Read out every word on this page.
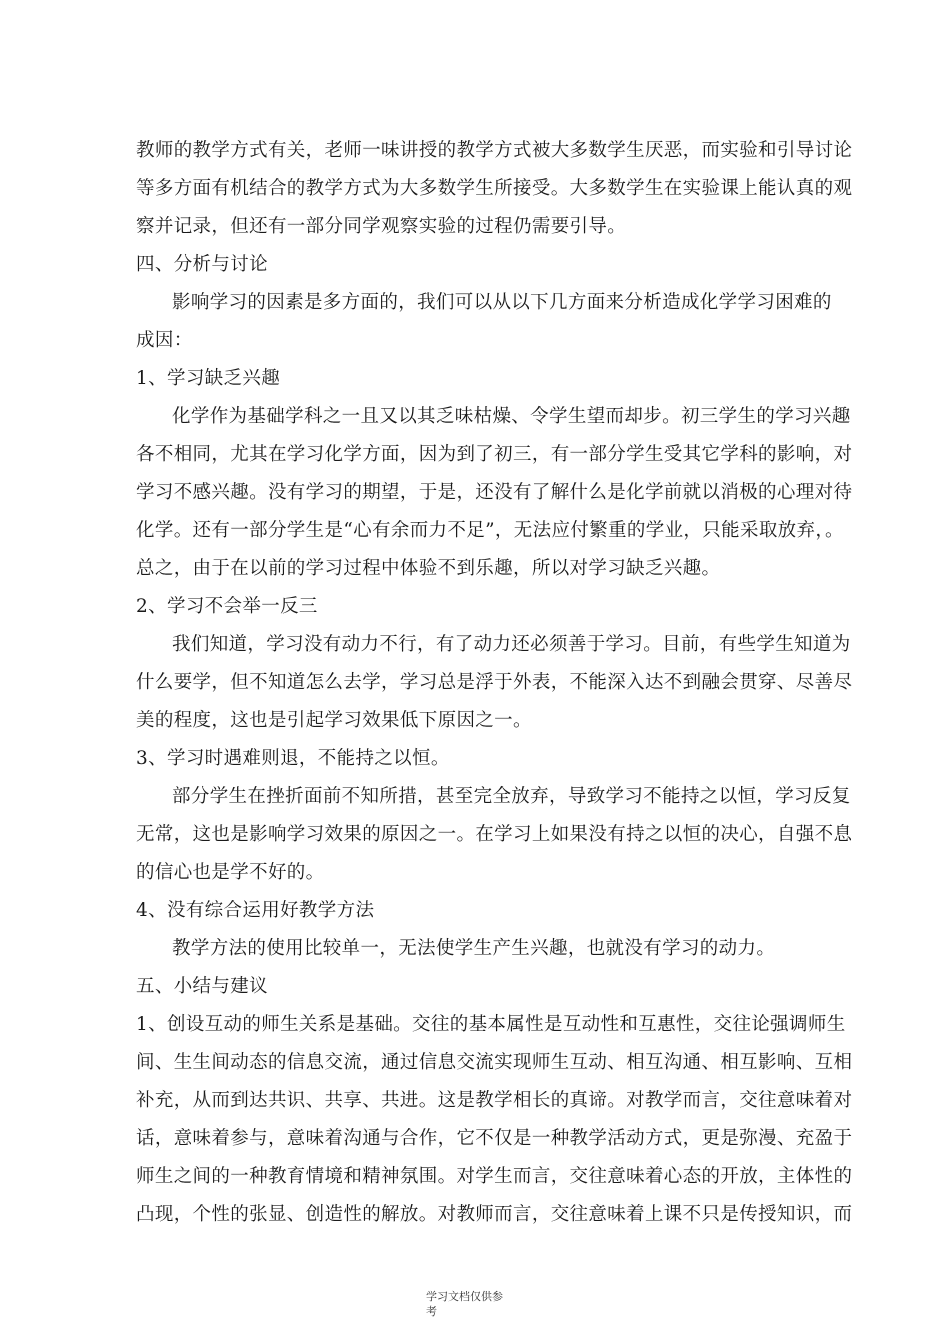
教师的教学方式有关，老师一味讲授的教学方式被大多数学生厌恶，而实验和引导讨论

等多方面有机结合的教学方式为大多数学生所接受。大多数学生在实验课上能认真的观

察并记录，但还有一部分同学观察实验的过程仍需要引导。

四、分析与讨论

影响学习的因素是多方面的，我们可以从以下几方面来分析造成化学学习困难的

成因：

1、学习缺乏兴趣

化学作为基础学科之一且又以其乏味枯燥、令学生望而却步。初三学生的学习兴趣

各不相同，尤其在学习化学方面，因为到了初三，有一部分学生受其它学科的影响，对

学习不感兴趣。没有学习的期望，于是，还没有了解什么是化学前就以消极的心理对待

化学。还有一部分学生是“心有余而力不足”，无法应付繁重的学业，只能采取放弃，。

总之，由于在以前的学习过程中体验不到乐趣，所以对学习缺乏兴趣。

2、学习不会举一反三

我们知道，学习没有动力不行，有了动力还必须善于学习。目前，有些学生知道为

什么要学，但不知道怎么去学，学习总是浮于外表，不能深入达不到融会贯穿、尽善尽

美的程度，这也是引起学习效果低下原因之一。

3、学习时遇难则退，不能持之以恒。

部分学生在挫折面前不知所措，甚至完全放弃，导致学习不能持之以恒，学习反复

无常，这也是影响学习效果的原因之一。在学习上如果没有持之以恒的决心，自强不息

的信心也是学不好的。

4、没有综合运用好教学方法

教学方法的使用比较单一，无法使学生产生兴趣，也就没有学习的动力。

五、小结与建议

1、创设互动的师生关系是基础。交往的基本属性是互动性和互惠性，交往论强调师生

间、生生间动态的信息交流，通过信息交流实现师生互动、相互沟通、相互影响、互相

补充，从而到达共识、共享、共进。这是教学相长的真谛。对教学而言，交往意味着对

话，意味着参与，意味着沟通与合作，它不仅是一种教学活动方式，更是弥漫、充盈于

师生之间的一种教育情境和精神氛围。对学生而言，交往意味着心态的开放，主体性的

凸现，个性的张显、创造性的解放。对教师而言，交往意味着上课不只是传授知识，而

学习文档仅供参
考
